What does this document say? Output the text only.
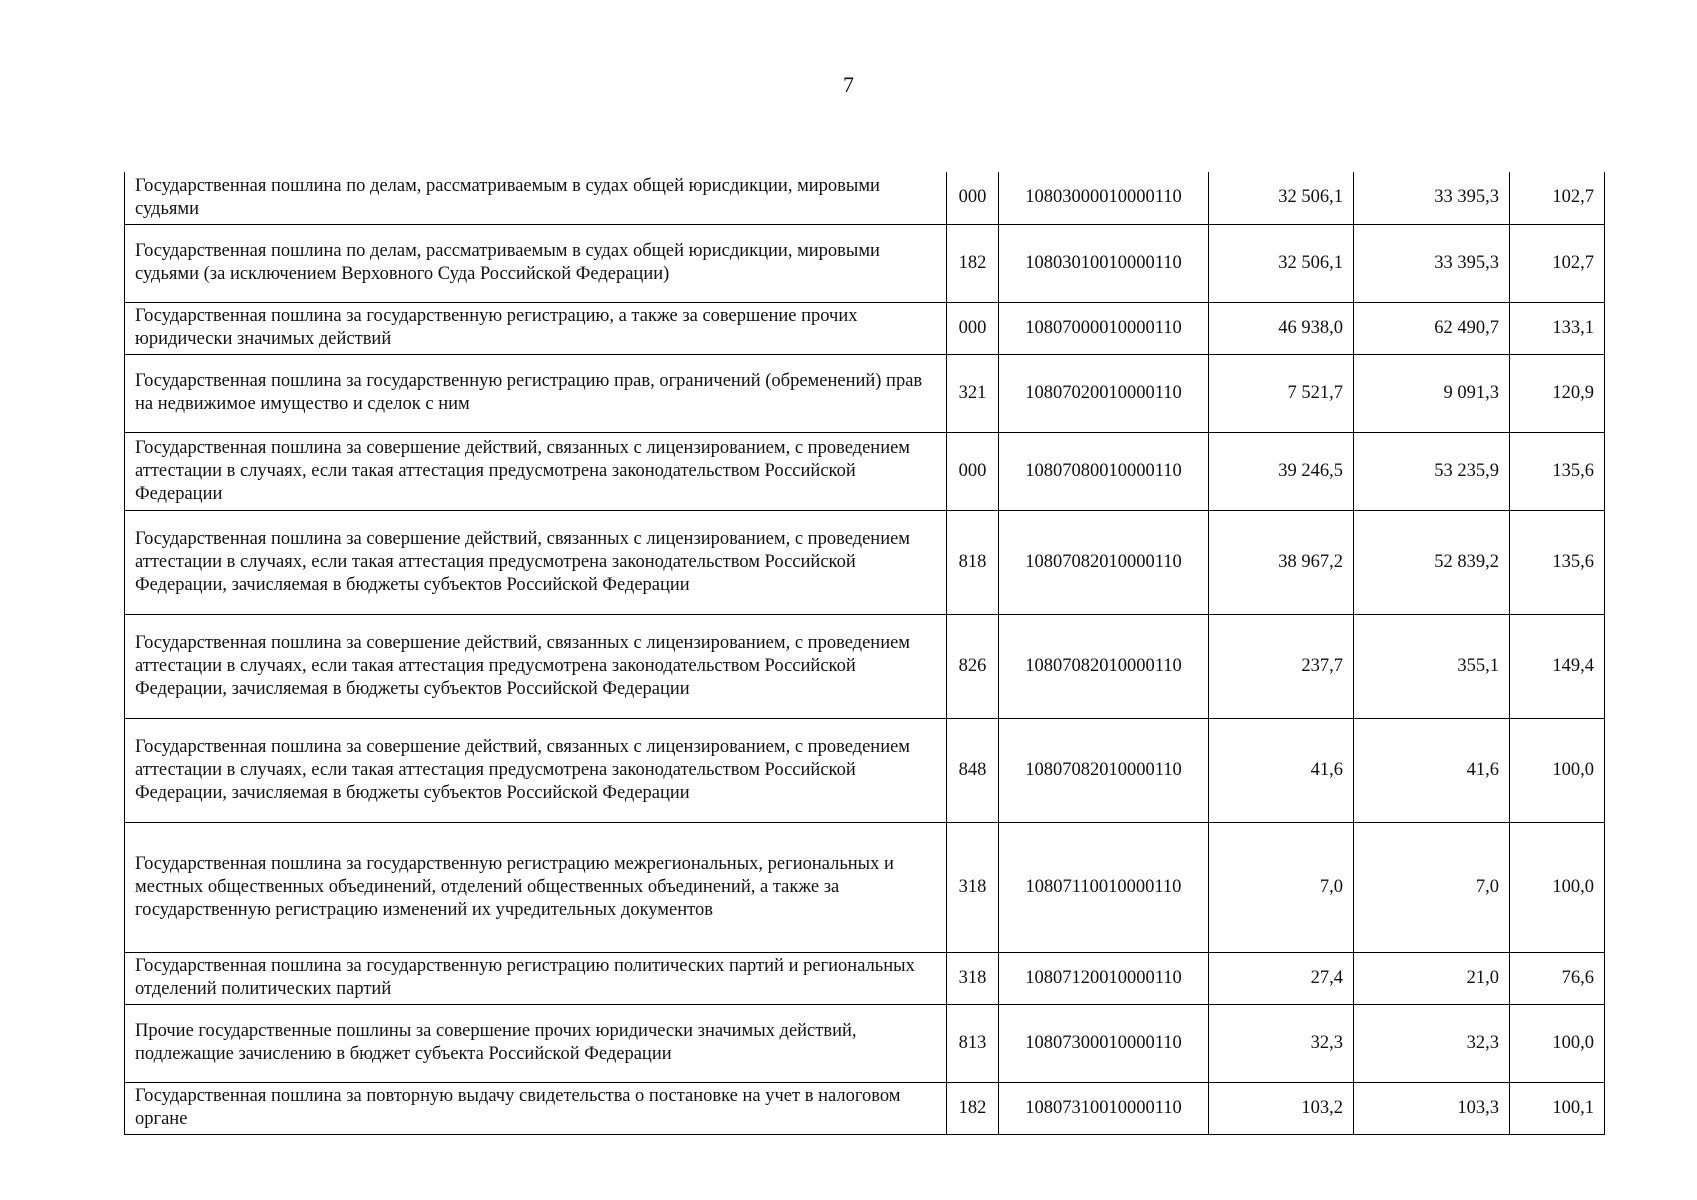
7
Государственная пошлина по делам, рассматриваемым в судах общей юрисдикции, мировыми судьями	000	10803000010000110	32 506,1	33 395,3	102,7
Государственная пошлина по делам, рассматриваемым в судах общей юрисдикции, мировыми судьями (за исключением Верховного Суда Российской Федерации)	182	10803010010000110	32 506,1	33 395,3	102,7
Государственная пошлина за государственную регистрацию, а также за совершение прочих юридически значимых действий	000	10807000010000110	46 938,0	62 490,7	133,1
Государственная пошлина за государственную регистрацию прав, ограничений (обременений) прав на недвижимое имущество и сделок с ним	321	10807020010000110	7 521,7	9 091,3	120,9
Государственная пошлина за совершение действий, связанных с лицензированием, с проведением аттестации в случаях, если такая аттестация предусмотрена законодательством Российской Федерации	000	10807080010000110	39 246,5	53 235,9	135,6
Государственная пошлина за совершение действий, связанных с лицензированием, с проведением аттестации в случаях, если такая аттестация предусмотрена законодательством Российской Федерации, зачисляемая в бюджеты субъектов Российской Федерации	818	10807082010000110	38 967,2	52 839,2	135,6
Государственная пошлина за совершение действий, связанных с лицензированием, с проведением аттестации в случаях, если такая аттестация предусмотрена законодательством Российской Федерации, зачисляемая в бюджеты субъектов Российской Федерации	826	10807082010000110	237,7	355,1	149,4
Государственная пошлина за совершение действий, связанных с лицензированием, с проведением аттестации в случаях, если такая аттестация предусмотрена законодательством Российской Федерации, зачисляемая в бюджеты субъектов Российской Федерации	848	10807082010000110	41,6	41,6	100,0
Государственная пошлина за государственную регистрацию межрегиональных, региональных и местных общественных объединений, отделений общественных объединений, а также за государственную регистрацию изменений их учредительных документов	318	10807110010000110	7,0	7,0	100,0
Государственная пошлина за государственную регистрацию политических партий и региональных отделений политических партий	318	10807120010000110	27,4	21,0	76,6
Прочие государственные пошлины за совершение прочих юридически значимых действий, подлежащие зачислению в бюджет субъекта Российской Федерации	813	10807300010000110	32,3	32,3	100,0
Государственная пошлина за повторную выдачу свидетельства о постановке на учет в налоговом органе	182	10807310010000110	103,2	103,3	100,1
